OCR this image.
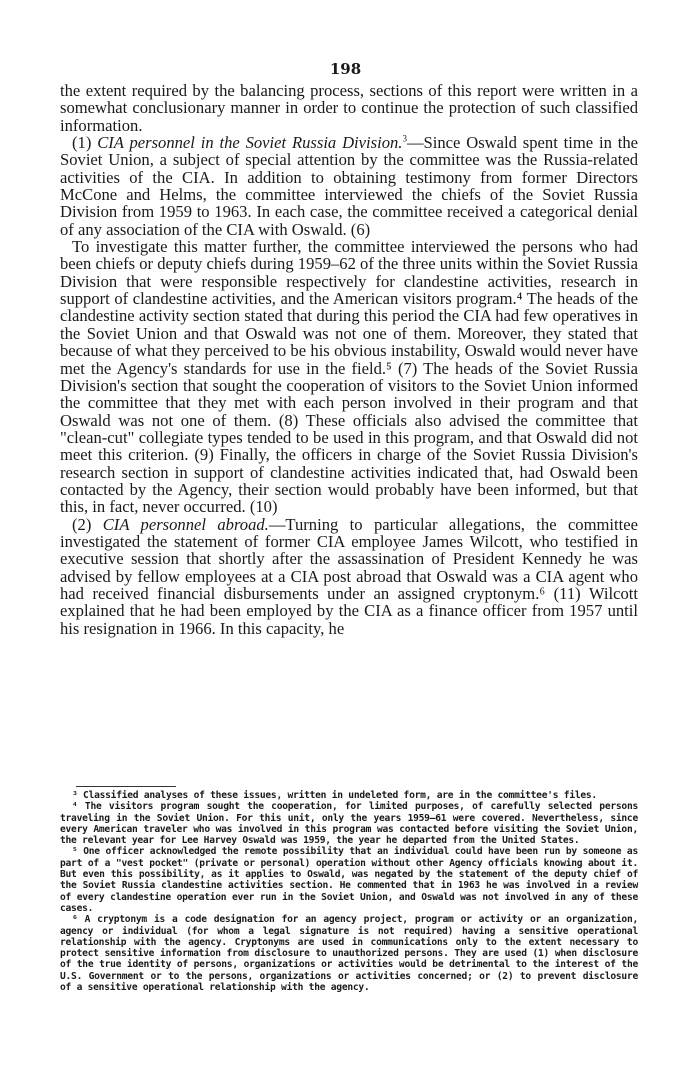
198

the extent required by the balancing process, sections of this report were written in a somewhat conclusionary manner in order to continue the protection of such classified information.

(1) CIA personnel in the Soviet Russia Division.$^3$—Since Oswald spent time in the Soviet Union, a subject of special attention by the committee was the Russia-related activities of the CIA. In addition to obtaining testimony from former Directors McCone and Helms, the committee interviewed the chiefs of the Soviet Russia Division from 1959 to 1963. In each case, the committee received a categorical denial of any association of the CIA with Oswald. (6)

To investigate this matter further, the committee interviewed the persons who had been chiefs or deputy chiefs during 1959–62 of the three units within the Soviet Russia Division that were responsible respectively for clandestine activities, research in support of clandestine activities, and the American visitors program.⁴ The heads of the clandestine activity section stated that during this period the CIA had few operatives in the Soviet Union and that Oswald was not one of them. Moreover, they stated that because of what they perceived to be his obvious instability, Oswald would never have met the Agency's standards for use in the field.⁵ (7) The heads of the Soviet Russia Division's section that sought the cooperation of visitors to the Soviet Union informed the committee that they met with each person involved in their program and that Oswald was not one of them. (8) These officials also advised the committee that "clean-cut" collegiate types tended to be used in this program, and that Oswald did not meet this criterion. (9) Finally, the officers in charge of the Soviet Russia Division's research section in support of clandestine activities indicated that, had Oswald been contacted by the Agency, their section would probably have been informed, but that this, in fact, never occurred. (10)

(2) CIA personnel abroad.—Turning to particular allegations, the committee investigated the statement of former CIA employee James Wilcott, who testified in executive session that shortly after the assassination of President Kennedy he was advised by fellow employees at a CIA post abroad that Oswald was a CIA agent who had received financial disbursements under an assigned cryptonym.⁶ (11) Wilcott explained that he had been employed by the CIA as a finance officer from 1957 until his resignation in 1966. In this capacity, he

³ Classified analyses of these issues, written in undeleted form, are in the committee's files.

⁴ The visitors program sought the cooperation, for limited purposes, of carefully selected persons traveling in the Soviet Union. For this unit, only the years 1959–61 were covered. Nevertheless, since every American traveler who was involved in this program was contacted before visiting the Soviet Union, the relevant year for Lee Harvey Oswald was 1959, the year he departed from the United States.

⁵ One officer acknowledged the remote possibility that an individual could have been run by someone as part of a "vest pocket" (private or personal) operation without other Agency officials knowing about it. But even this possibility, as it applies to Oswald, was negated by the statement of the deputy chief of the Soviet Russia clandestine activities section. He commented that in 1963 he was involved in a review of every clandestine operation ever run in the Soviet Union, and Oswald was not involved in any of these cases.

⁶ A cryptonym is a code designation for an agency project, program or activity or an organization, agency or individual (for whom a legal signature is not required) having a sensitive operational relationship with the agency. Cryptonyms are used in communications only to the extent necessary to protect sensitive information from disclosure to unauthorized persons. They are used (1) when disclosure of the true identity of persons, organizations or activities would be detrimental to the interest of the U.S. Government or to the persons, organizations or activities concerned; or (2) to prevent disclosure of a sensitive operational relationship with the agency.
